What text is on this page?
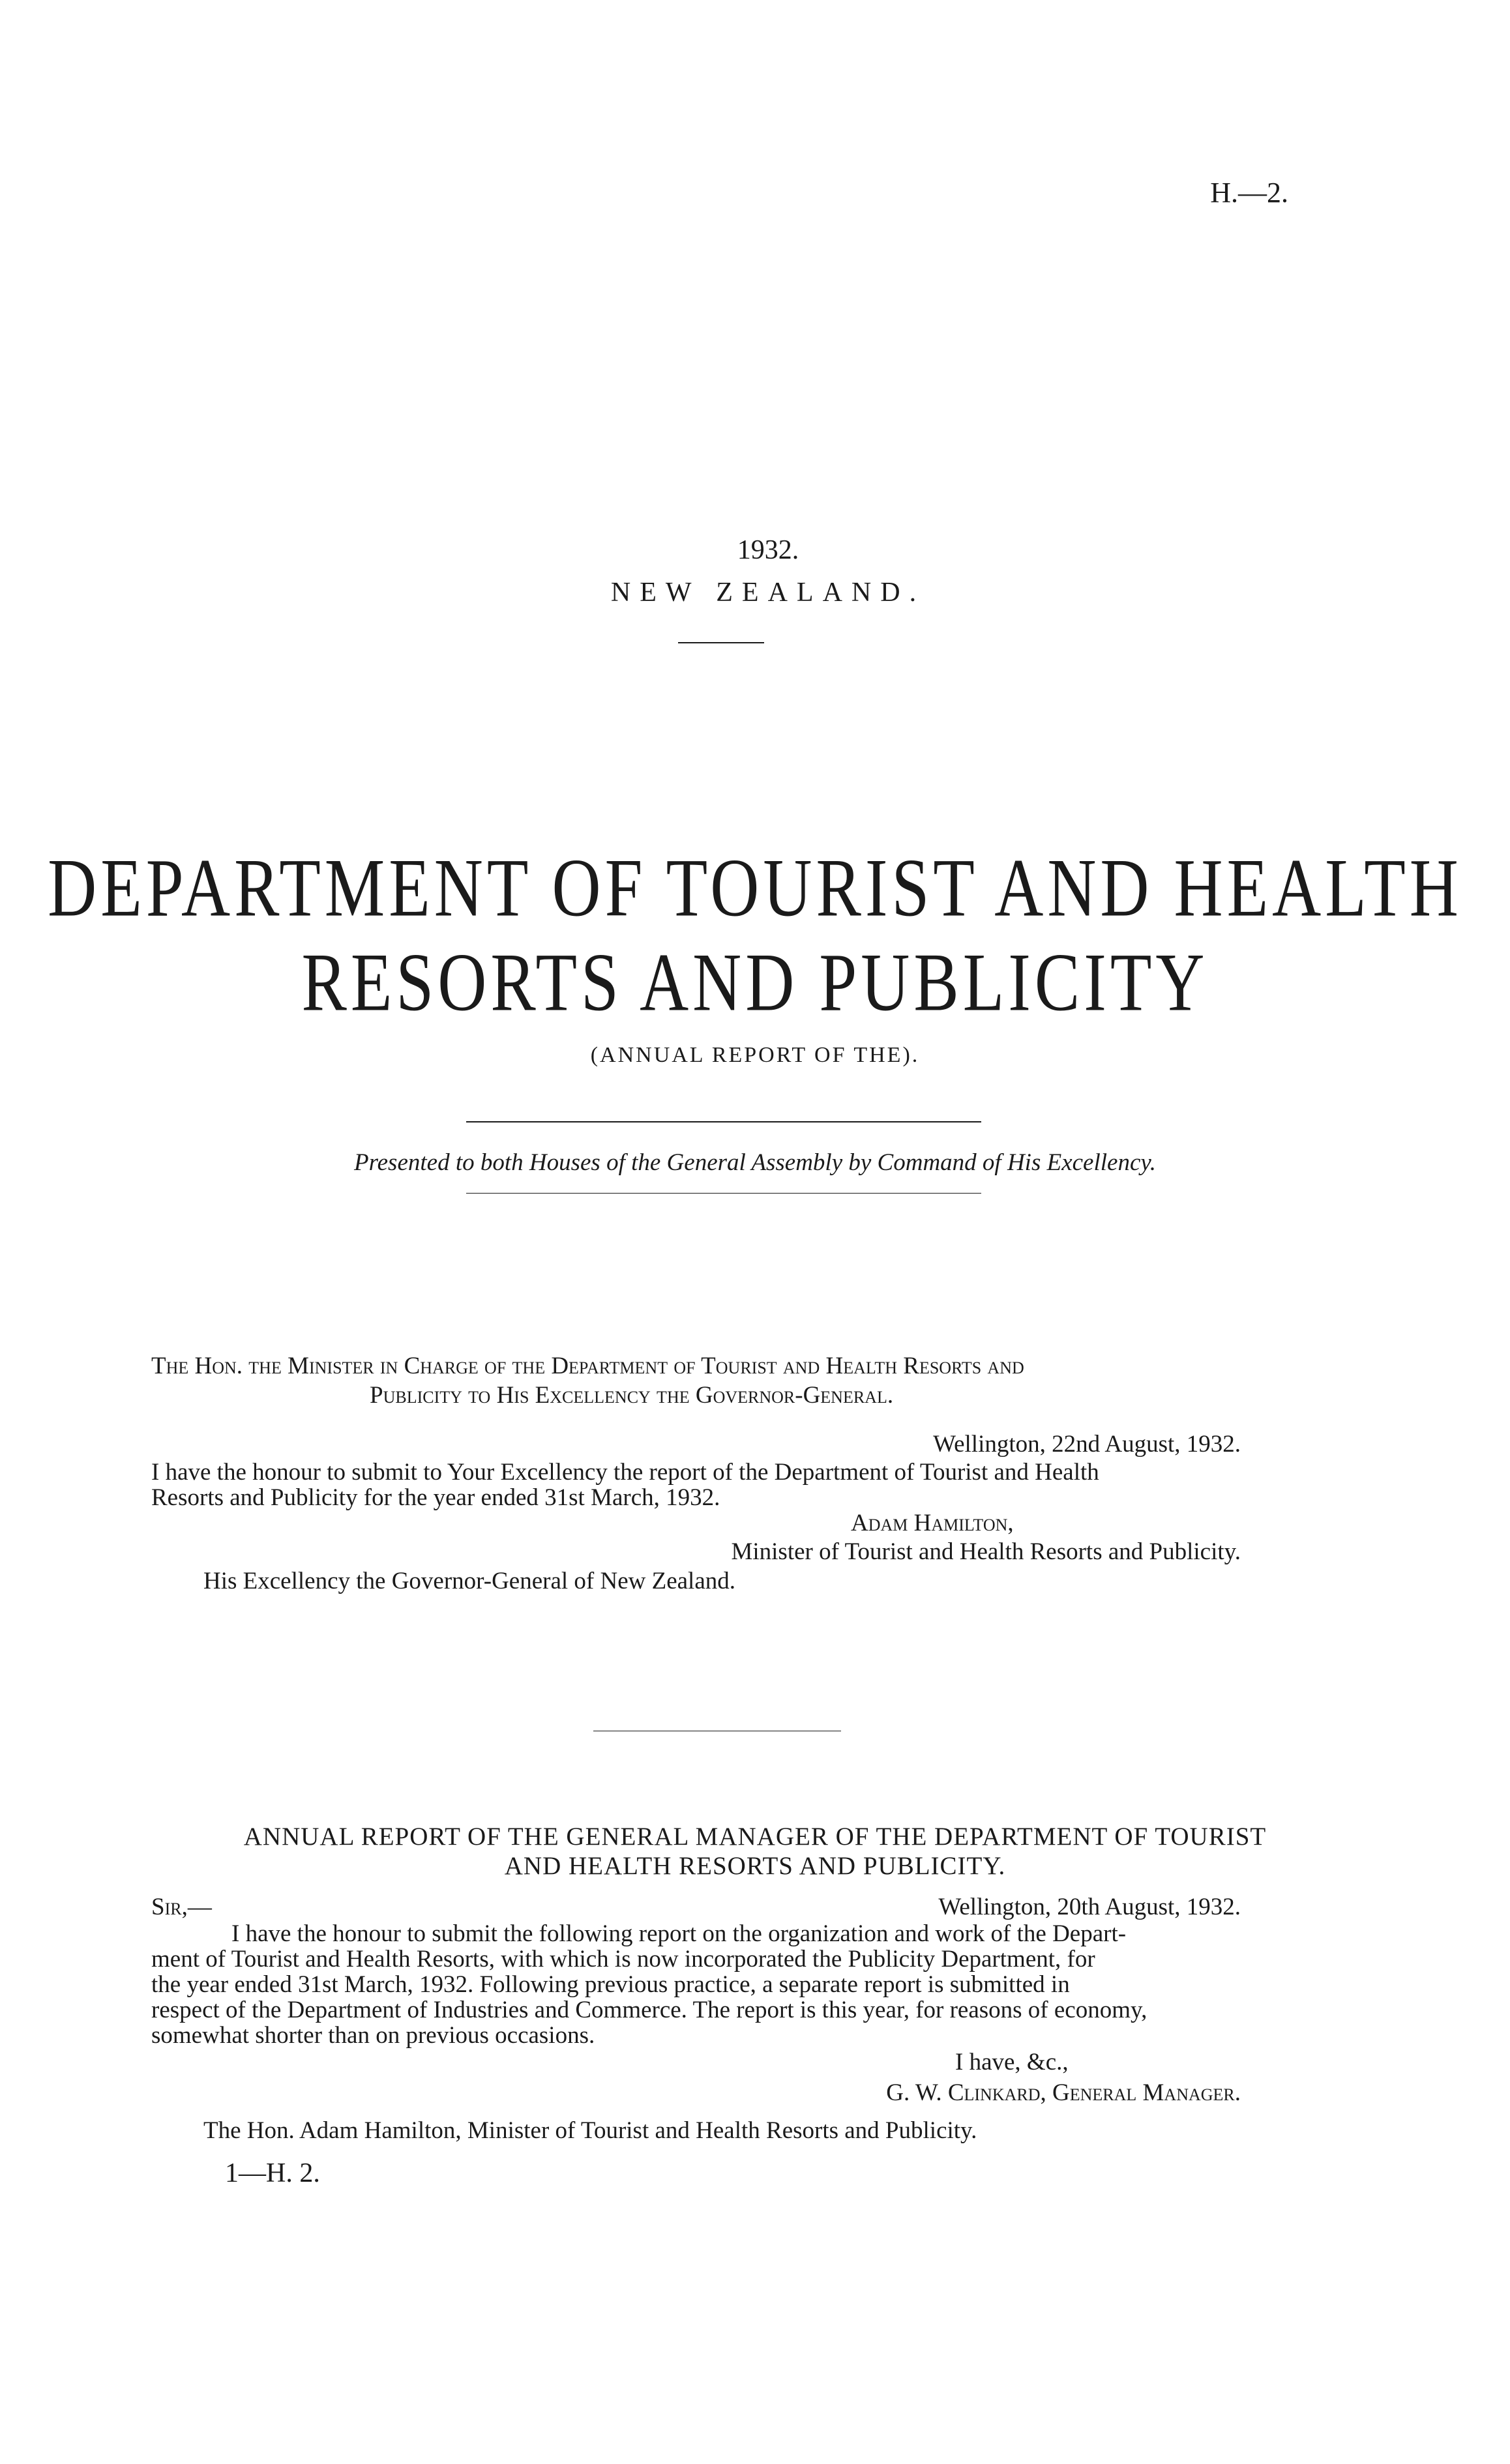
H.—2.
1932.
NEW ZEALAND.
DEPARTMENT OF TOURIST AND HEALTH
RESORTS AND PUBLICITY
(ANNUAL REPORT OF THE).
Presented to both Houses of the General Assembly by Command of His Excellency.
The Hon. the Minister in Charge of the Department of Tourist and Health Resorts and
Publicity to His Excellency the Governor-General.
Wellington, 22nd August, 1932.
I have the honour to submit to Your Excellency the report of the Department of Tourist and Health
Resorts and Publicity for the year ended 31st March, 1932.
Adam Hamilton,
Minister of Tourist and Health Resorts and Publicity.
His Excellency the Governor-General of New Zealand.
ANNUAL REPORT OF THE GENERAL MANAGER OF THE DEPARTMENT OF TOURIST
AND HEALTH RESORTS AND PUBLICITY.
Sir,—	Wellington, 20th August, 1932.
I have the honour to submit the following report on the organization and work of the Depart-
ment of Tourist and Health Resorts, with which is now incorporated the Publicity Department, for
the year ended 31st March, 1932. Following previous practice, a separate report is submitted in
respect of the Department of Industries and Commerce. The report is this year, for reasons of economy,
somewhat shorter than on previous occasions.
I have, &c.,
G. W. Clinkard, General Manager.
The Hon. Adam Hamilton, Minister of Tourist and Health Resorts and Publicity.
1—H. 2.
